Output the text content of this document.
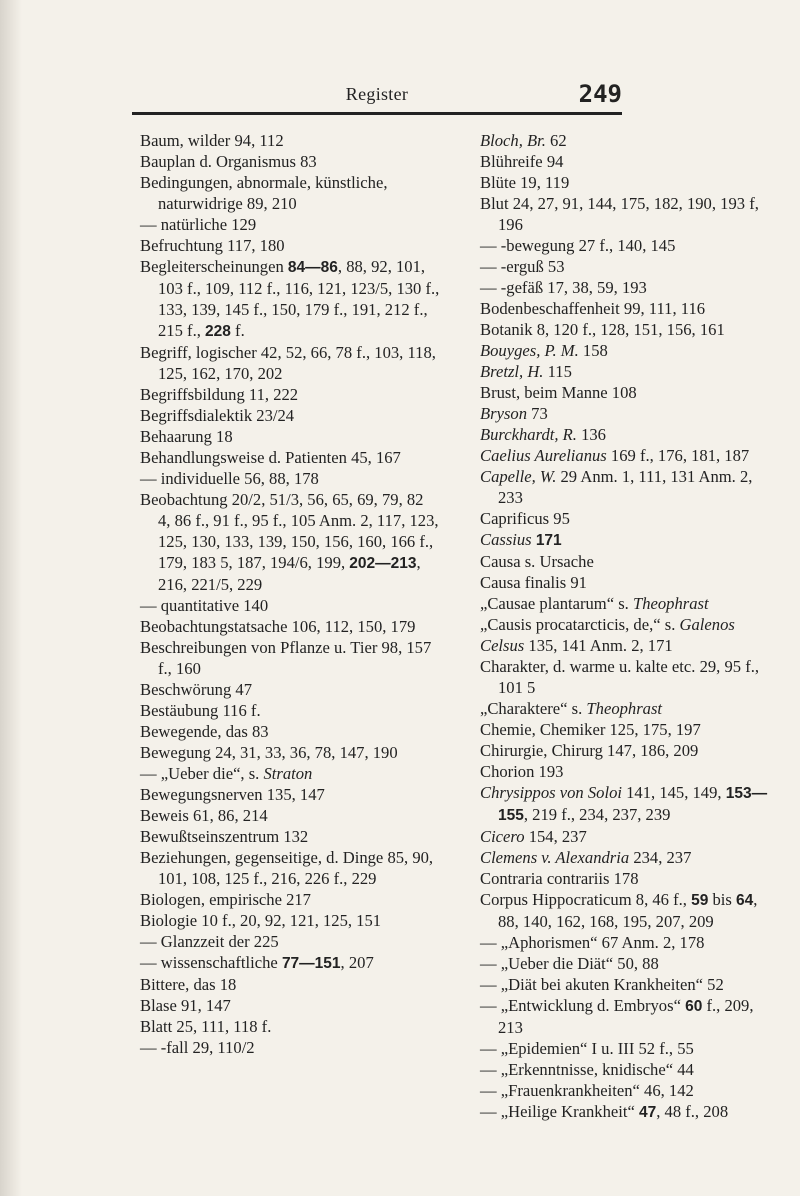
Register	249
Baum, wilder 94, 112
Bauplan d. Organismus 83
Bedingungen, abnormale, künstliche, naturwidrige 89, 210
— natürliche 129
Befruchtung 117, 180
Begleiterscheinungen 84—86, 88, 92, 101, 103 f., 109, 112 f., 116, 121, 123/5, 130 f., 133, 139, 145 f., 150, 179 f., 191, 212 f., 215 f., 228 f.
Begriff, logischer 42, 52, 66, 78 f., 103, 118, 125, 162, 170, 202
Begriffsbildung 11, 222
Begriffsdialektik 23/24
Behaarung 18
Behandlungsweise d. Patienten 45, 167
— individuelle 56, 88, 178
Beobachtung 20/2, 51/3, 56, 65, 69, 79, 82 4, 86 f., 91 f., 95 f., 105 Anm. 2, 117, 123, 125, 130, 133, 139, 150, 156, 160, 166 f., 179, 183 5, 187, 194/6, 199, 202—213, 216, 221/5, 229
— quantitative 140
Beobachtungstatsache 106, 112, 150, 179
Beschreibungen von Pflanze u. Tier 98, 157 f., 160
Beschwörung 47
Bestäubung 116 f.
Bewegende, das 83
Bewegung 24, 31, 33, 36, 78, 147, 190
— „Ueber die“, s. Straton
Bewegungsnerven 135, 147
Beweis 61, 86, 214
Bewußtseinszentrum 132
Beziehungen, gegenseitige, d. Dinge 85, 90, 101, 108, 125 f., 216, 226 f., 229
Biologen, empirische 217
Biologie 10 f., 20, 92, 121, 125, 151
— Glanzzeit der 225
— wissenschaftliche 77—151, 207
Bittere, das 18
Blase 91, 147
Blatt 25, 111, 118 f.
— -fall 29, 110/2
Bloch, Br. 62
Blühreife 94
Blüte 19, 119
Blut 24, 27, 91, 144, 175, 182, 190, 193 f, 196
— -bewegung 27 f., 140, 145
— -erguß 53
— -gefäß 17, 38, 59, 193
Bodenbeschaffenheit 99, 111, 116
Botanik 8, 120 f., 128, 151, 156, 161
Bouyges, P. M. 158
Bretzl, H. 115
Brust, beim Manne 108
Bryson 73
Burckhardt, R. 136
Caelius Aurelianus 169 f., 176, 181, 187
Capelle, W. 29 Anm. 1, 111, 131 Anm. 2, 233
Caprificus 95
Cassius 171
Causa s. Ursache
Causa finalis 91
„Causae plantarum“ s. Theophrast
„Causis procatarcticis, de,“ s. Galenos
Celsus 135, 141 Anm. 2, 171
Charakter, d. warme u. kalte etc. 29, 95 f., 101 5
„Charaktere“ s. Theophrast
Chemie, Chemiker 125, 175, 197
Chirurgie, Chirurg 147, 186, 209
Chorion 193
Chrysippos von Soloi 141, 145, 149, 153—155, 219 f., 234, 237, 239
Cicero 154, 237
Clemens v. Alexandria 234, 237
Contraria contrariis 178
Corpus Hippocraticum 8, 46 f., 59 bis 64, 88, 140, 162, 168, 195, 207, 209
— „Aphorismen“ 67 Anm. 2, 178
— „Ueber die Diät“ 50, 88
— „Diät bei akuten Krankheiten“ 52
— „Entwicklung d. Embryos“ 60 f., 209, 213
— „Epidemien“ I u. III 52 f., 55
— „Erkenntnisse, knidische“ 44
— „Frauenkrankheiten“ 46, 142
— „Heilige Krankheit“ 47, 48 f., 208
